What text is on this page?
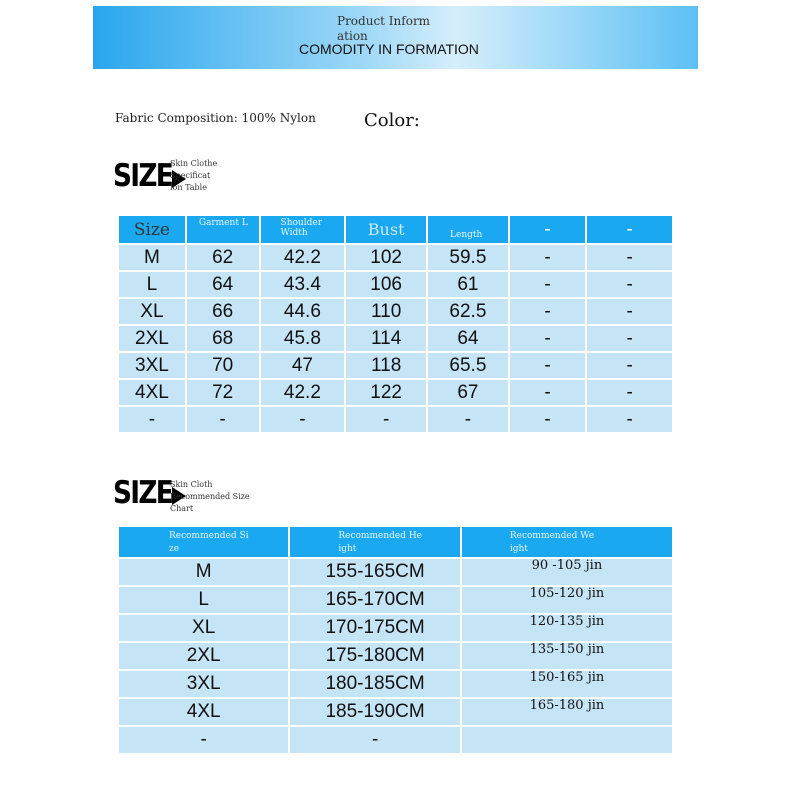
Product Inform
ation
COMODITY IN FORMATION
Fabric Composition: 100% Nylon	Color:
SIZE
Skin Clothe
Specificat
ion Table
Size	Garment L	Shoulder Width	Bust	Length	-	-
M	62	42.2	102	59.5	-	-
L	64	43.4	106	61	-	-
XL	66	44.6	110	62.5	-	-
2XL	68	45.8	114	64	-	-
3XL	70	47	118	65.5	-	-
4XL	72	42.2	122	67	-	-
-	-	-	-	-	-	-
SIZE
Skin Cloth
Recommended Size
Chart
Recommended Si ze	Recommended He ight	Recommended We ight

M	155-165CM	$^{90 -105 jin}$
L	165-170CM	$^{105-120 jin}$
XL	170-175CM	$^{120-135 jin}$
2XL	175-180CM	$^{135-150 jin}$
3XL	180-185CM	$^{150-165 jin}$
4XL	185-190CM	$^{165-180 jin}$
-	-	
